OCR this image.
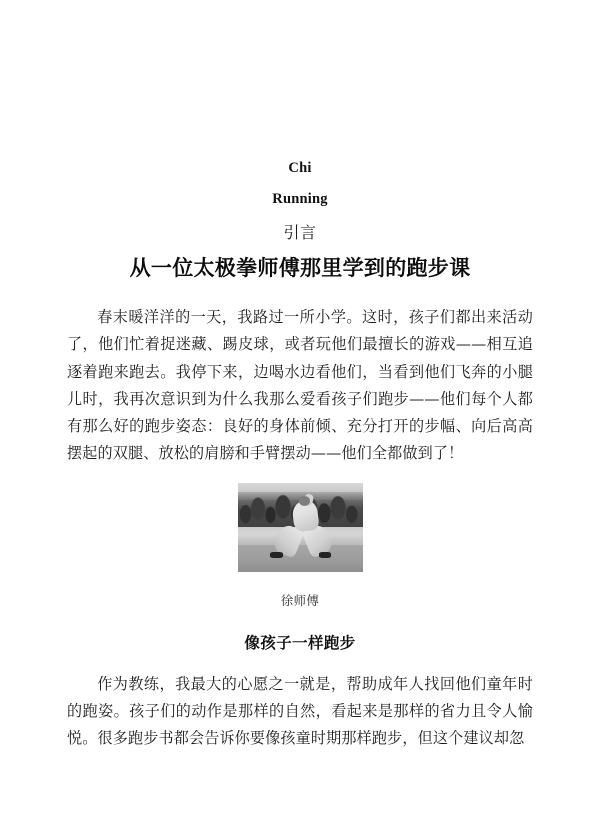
Chi
Running
引言
从一位太极拳师傅那里学到的跑步课

春末暖洋洋的一天，我路过一所小学。这时，孩子们都出来活动了，他们忙着捉迷藏、踢皮球，或者玩他们最擅长的游戏——相互追逐着跑来跑去。我停下来，边喝水边看他们，当看到他们飞奔的小腿儿时，我再次意识到为什么我那么爱看孩子们跑步——他们每个人都有那么好的跑步姿态：良好的身体前倾、充分打开的步幅、向后高高摆起的双腿、放松的肩膀和手臂摆动——他们全都做到了！

徐师傅
像孩子一样跑步

作为教练，我最大的心愿之一就是，帮助成年人找回他们童年时的跑姿。孩子们的动作是那样的自然，看起来是那样的省力且令人愉悦。很多跑步书都会告诉你要像孩童时期那样跑步，但这个建议却忽
